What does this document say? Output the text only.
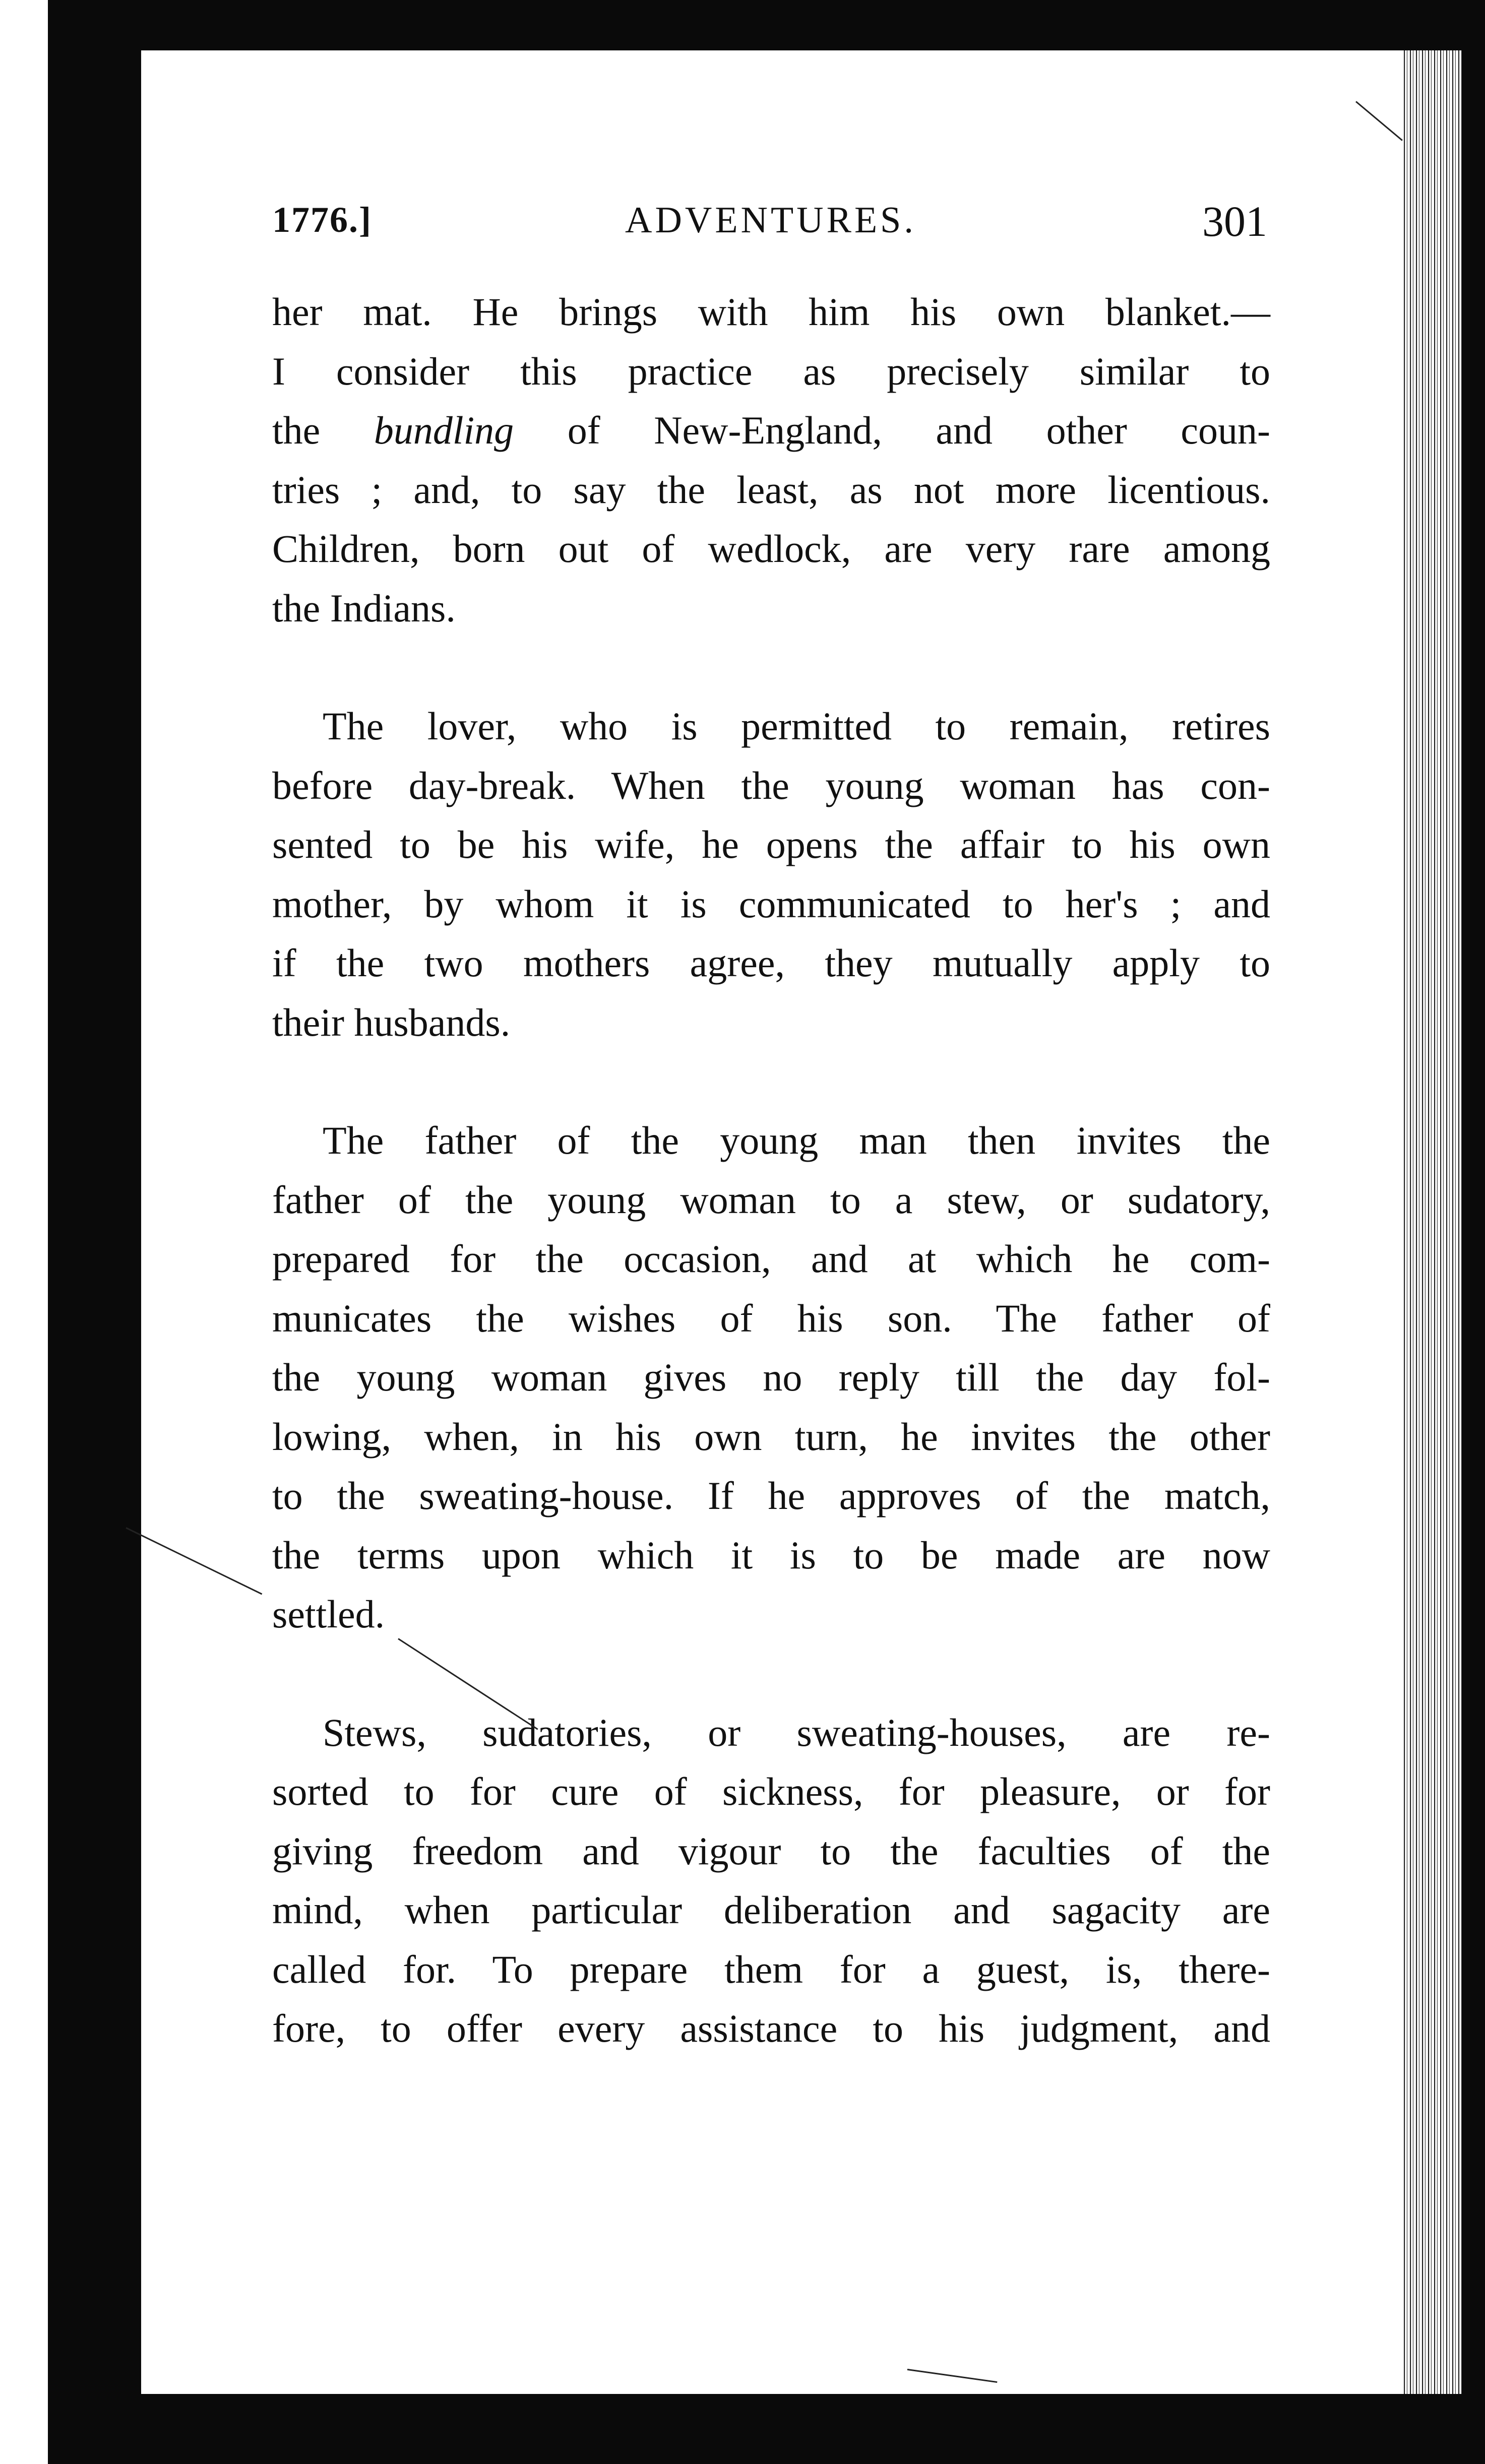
1776.]	ADVENTURES.	301
her mat. He brings with him his own blanket.—
I consider this practice as precisely similar to
the bundling of New-England, and other coun-
tries ; and, to say the least, as not more licentious.
Children, born out of wedlock, are very rare among
the Indians.
The lover, who is permitted to remain, retires
before day-break. When the young woman has con-
sented to be his wife, he opens the affair to his own
mother, by whom it is communicated to her's ; and
if the two mothers agree, they mutually apply to
their husbands.
The father of the young man then invites the
father of the young woman to a stew, or sudatory,
prepared for the occasion, and at which he com-
municates the wishes of his son. The father of
the young woman gives no reply till the day fol-
lowing, when, in his own turn, he invites the other
to the sweating-house. If he approves of the match,
the terms upon which it is to be made are now
settled.
Stews, sudatories, or sweating-houses, are re-
sorted to for cure of sickness, for pleasure, or for
giving freedom and vigour to the faculties of the
mind, when particular deliberation and sagacity are
called for. To prepare them for a guest, is, there-
fore, to offer every assistance to his judgment, and
